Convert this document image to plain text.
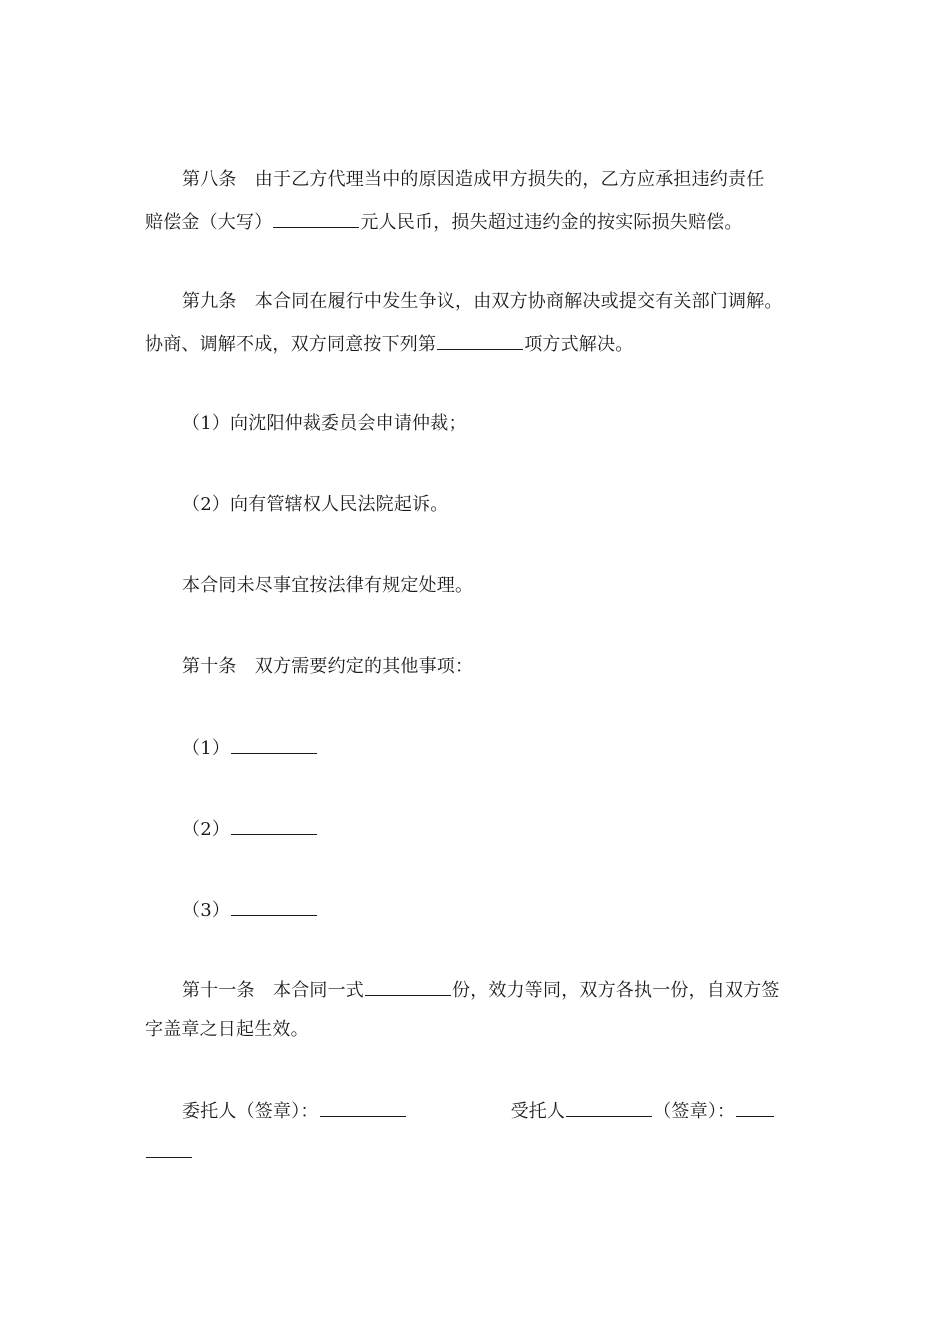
第八条　由于乙方代理当中的原因造成甲方损失的，乙方应承担违约责任
赔偿金（大写）	元人民币，损失超过违约金的按实际损失赔偿。
第九条　本合同在履行中发生争议，由双方协商解决或提交有关部门调解。
协商、调解不成，双方同意按下列第	项方式解决。
（1）向沈阳仲裁委员会申请仲裁；
（2）向有管辖权人民法院起诉。
本合同未尽事宜按法律有规定处理。
第十条　双方需要约定的其他事项：
（1）
（2）
（3）
第十一条　本合同一式	份，效力等同，双方各执一份，自双方签
字盖章之日起生效。
委托人（签章）：	受托人	（签章）：
